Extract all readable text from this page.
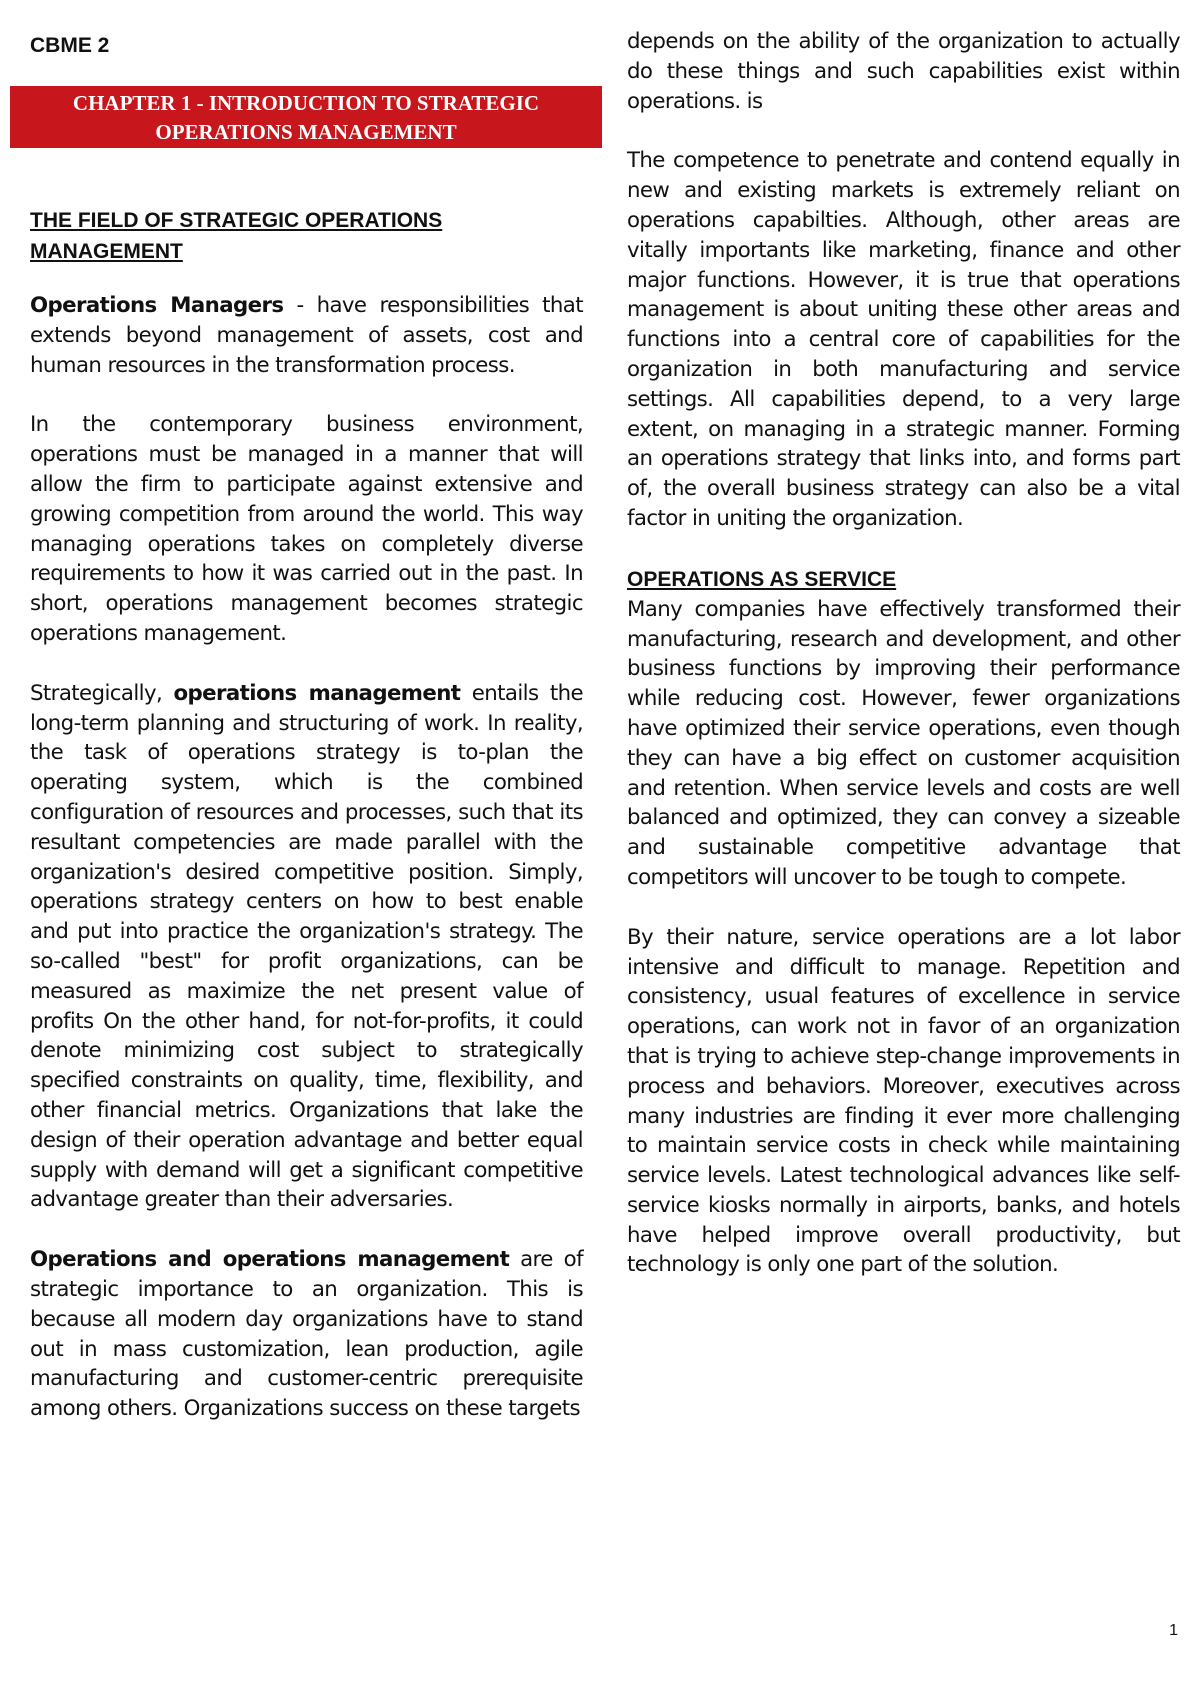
CBME 2
CHAPTER 1 - INTRODUCTION TO STRATEGIC
OPERATIONS MANAGEMENT
THE FIELD OF STRATEGIC OPERATIONS
MANAGEMENT

Operations Managers - have responsibilities that extends beyond management of assets, cost and human resources in the transformation process.

In the contemporary business environment, operations must be managed in a manner that will allow the firm to participate against extensive and growing competition from around the world. This way managing operations takes on completely diverse requirements to how it was carried out in the past. In short, operations management becomes strategic operations management.

Strategically, operations management entails the long-term planning and structuring of work. In reality, the task of operations strategy is to-plan the operating system, which is the combined configuration of resources and processes, such that its resultant competencies are made parallel with the organization's desired competitive position. Simply, operations strategy centers on how to best enable and put into practice the organization's strategy. The so-called "best" for profit organizations, can be measured as maximize the net present value of profits On the other hand, for not-for-profits, it could denote minimizing cost subject to strategically specified constraints on quality, time, flexibility, and other financial metrics. Organizations that lake the design of their operation advantage and better equal supply with demand will get a significant competitive advantage greater than their adversaries.

Operations and operations management are of strategic importance to an organization. This is because all modern day organizations have to stand out in mass customization, lean production, agile manufacturing and customer-centric prerequisite among others. Organizations success on these targets

depends on the ability of the organization to actually do these things and such capabilities exist within operations. is

The competence to penetrate and contend equally in new and existing markets is extremely reliant on operations capabilties. Although, other areas are vitally importants like marketing, finance and other major functions. However, it is true that operations management is about uniting these other areas and functions into a central core of capabilities for the organization in both manufacturing and service settings. All capabilities depend, to a very large extent, on managing in a strategic manner. Forming an operations strategy that links into, and forms part of, the overall business strategy can also be a vital factor in uniting the organization.

OPERATIONS AS SERVICE

Many companies have effectively transformed their manufacturing, research and development, and other business functions by improving their performance while reducing cost. However, fewer organizations have optimized their service operations, even though they can have a big effect on customer acquisition and retention. When service levels and costs are well balanced and optimized, they can convey a sizeable and sustainable competitive advantage that competitors will uncover to be tough to compete.

By their nature, service operations are a lot labor intensive and difficult to manage. Repetition and consistency, usual features of excellence in service operations, can work not in favor of an organization that is trying to achieve step-change improvements in process and behaviors. Moreover, executives across many industries are finding it ever more challenging to maintain service costs in check while maintaining service levels. Latest technological advances like self-service kiosks normally in airports, banks, and hotels have helped improve overall productivity, but technology is only one part of the solution.

1
